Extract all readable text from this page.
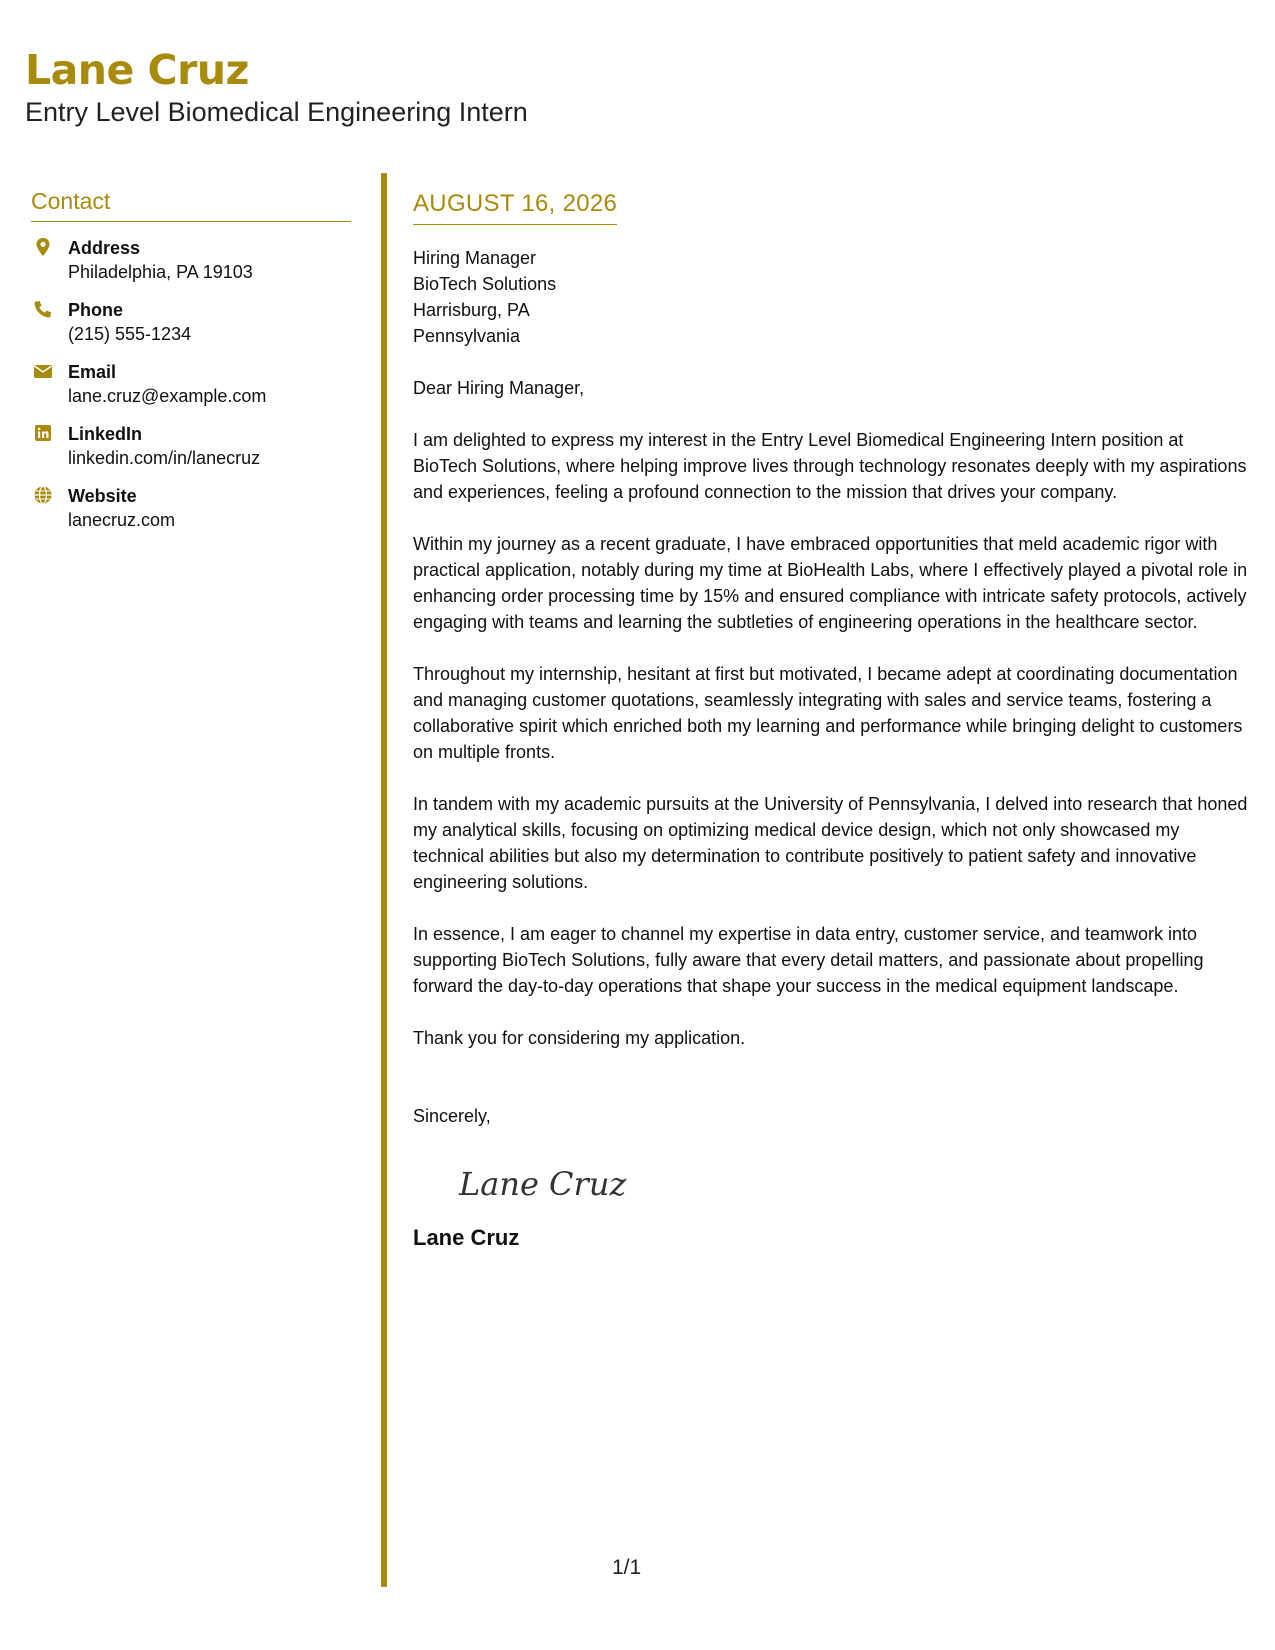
Lane Cruz
Entry Level Biomedical Engineering Intern
Contact
Address
Philadelphia, PA 19103
Phone
(215) 555-1234
Email
lane.cruz@example.com
LinkedIn
linkedin.com/in/lanecruz
Website
lanecruz.com
AUGUST 16, 2026
Hiring Manager
BioTech Solutions
Harrisburg, PA
Pennsylvania

Dear Hiring Manager,

I am delighted to express my interest in the Entry Level Biomedical Engineering Intern position at BioTech Solutions, where helping improve lives through technology resonates deeply with my aspirations and experiences, feeling a profound connection to the mission that drives your company.

Within my journey as a recent graduate, I have embraced opportunities that meld academic rigor with practical application, notably during my time at BioHealth Labs, where I effectively played a pivotal role in enhancing order processing time by 15% and ensured compliance with intricate safety protocols, actively engaging with teams and learning the subtleties of engineering operations in the healthcare sector.

Throughout my internship, hesitant at first but motivated, I became adept at coordinating documentation and managing customer quotations, seamlessly integrating with sales and service teams, fostering a collaborative spirit which enriched both my learning and performance while bringing delight to customers on multiple fronts.

In tandem with my academic pursuits at the University of Pennsylvania, I delved into research that honed my analytical skills, focusing on optimizing medical device design, which not only showcased my technical abilities but also my determination to contribute positively to patient safety and innovative engineering solutions.

In essence, I am eager to channel my expertise in data entry, customer service, and teamwork into supporting BioTech Solutions, fully aware that every detail matters, and passionate about propelling forward the day-to-day operations that shape your success in the medical equipment landscape.

Thank you for considering my application.

Sincerely,

Lane Cruz
Lane Cruz
1/1
